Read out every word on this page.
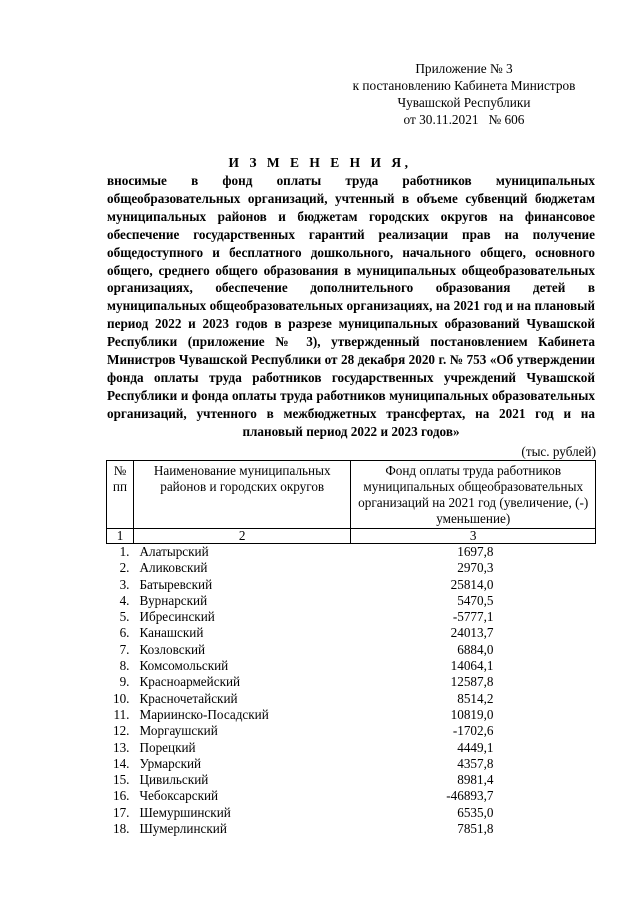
Приложение № 3
к постановлению Кабинета Министров
Чувашской Республики
от 30.11.2021   № 606
И З М Е Н Е Н И Я,
вносимые в фонд оплаты труда работников муниципальных общеобразовательных организаций, учтенный в объеме субвенций бюджетам муниципальных районов и бюджетам городских округов на финансовое обеспечение государственных гарантий реализации прав на получение общедоступного и бесплатного дошкольного, начального общего, основного общего, среднего общего образования в муниципальных общеобразовательных организациях, обеспечение дополнительного образования детей в муниципальных общеобразовательных организациях, на 2021 год и на плановый период 2022 и 2023 годов в разрезе муниципальных образований Чувашской Республики (приложение № 3), утвержденный постановлением Кабинета Министров Чувашской Республики от 28 декабря 2020 г. № 753 «Об утверждении фонда оплаты труда работников государственных учреждений Чувашской Республики и фонда оплаты труда работников муниципальных образовательных организаций, учтенного в межбюджетных трансфертах, на 2021 год и на плановый период 2022 и 2023 годов»
(тыс. рублей)
№ пп	Наименование муниципальных районов и городских округов	Фонд оплаты труда работников муниципальных общеобразовательных организаций на 2021 год (увеличение, (-) уменьшение)
1	2	3
1.	Алатырский	1697,8
2.	Аликовский	2970,3
3.	Батыревский	25814,0
4.	Вурнарский	5470,5
5.	Ибресинский	-5777,1
6.	Канашский	24013,7
7.	Козловский	6884,0
8.	Комсомольский	14064,1
9.	Красноармейский	12587,8
10.	Красночетайский	8514,2
11.	Мариинско-Посадский	10819,0
12.	Моргаушский	-1702,6
13.	Порецкий	4449,1
14.	Урмарский	4357,8
15.	Цивильский	8981,4
16.	Чебоксарский	-46893,7
17.	Шемуршинский	6535,0
18.	Шумерлинский	7851,8
